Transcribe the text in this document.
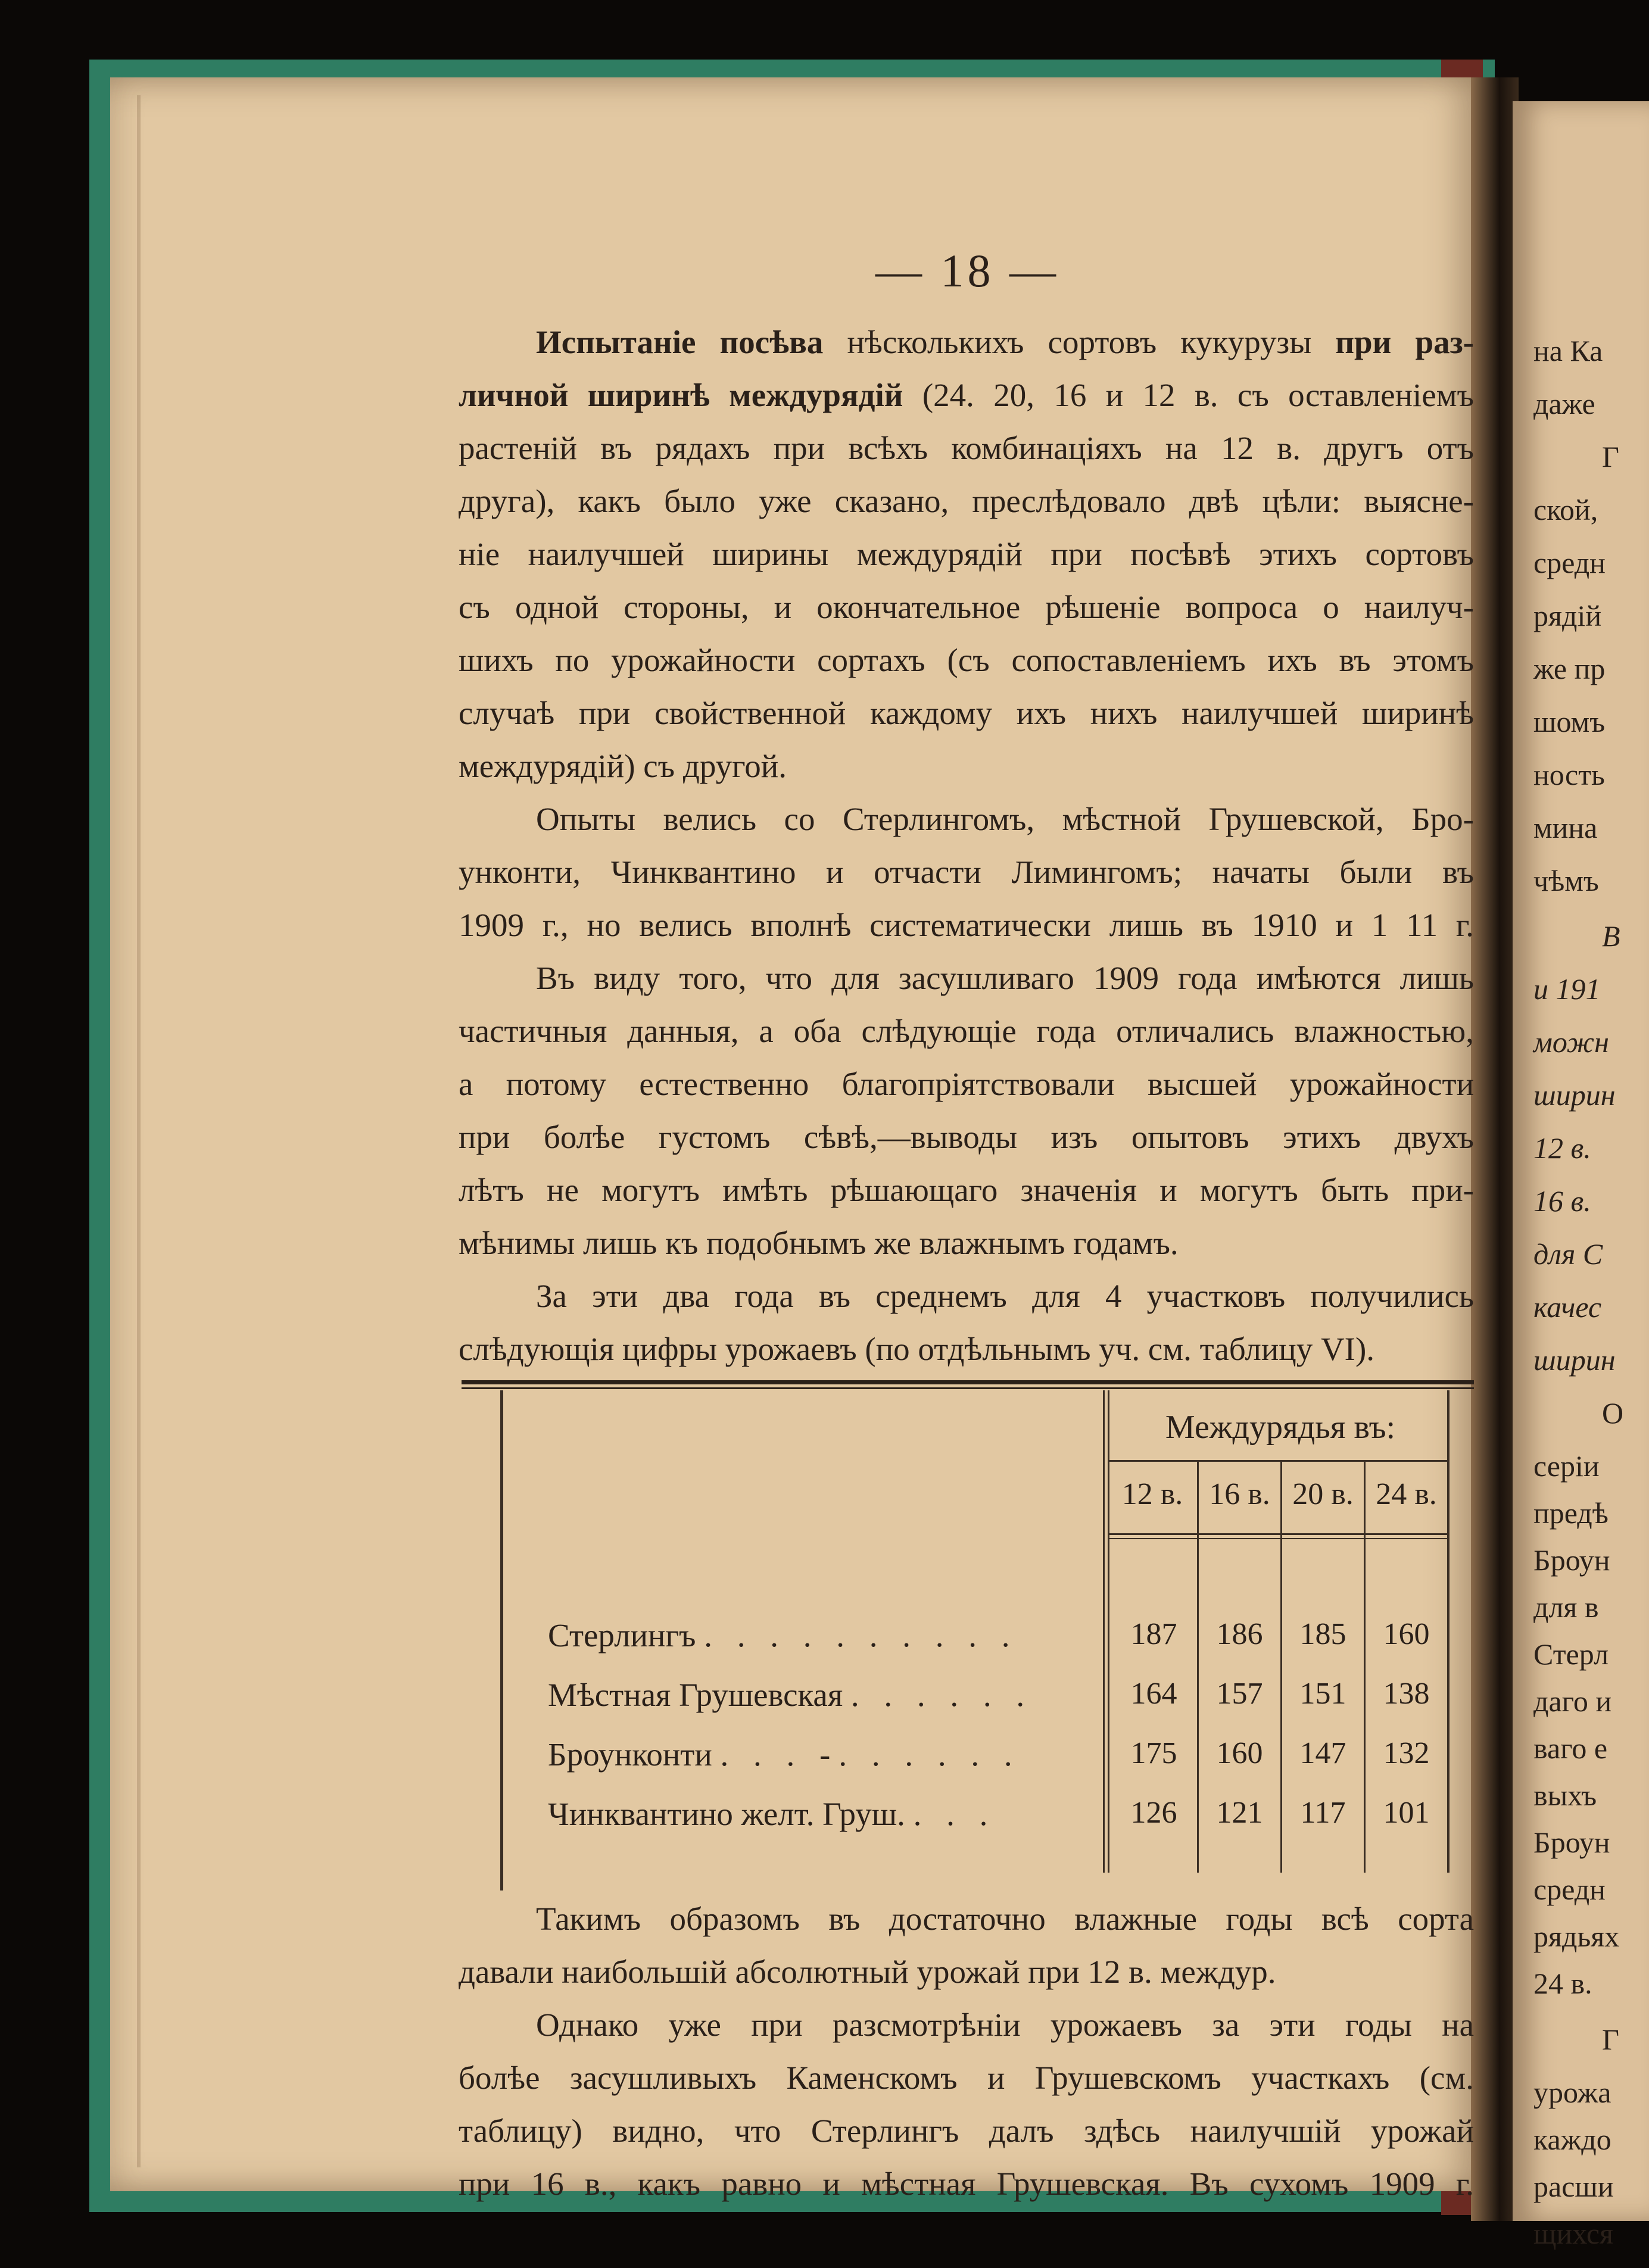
на Ка
даже
Г
ской,
средн
рядій
же пр
шомъ
ность
мина
чѣмъ
В
и 191
можн
ширин
12 в.
16 в.
для С
качес
ширин
О
серіи
предѣ
Броун
для в
Стерл
даго и
ваго е
выхъ
Броун
средн
рядьях
24 в.
Г
урожа
каждо
расши
щихся
— 18 —
Испытаніе посѣва нѣсколькихъ сортовъ кукурузы при раз-
личной ширинѣ междурядій (24. 20, 16 и 12 в. съ оставленіемъ
растеній въ рядахъ при всѣхъ комбинаціяхъ на 12 в. другъ отъ
друга), какъ было уже сказано, преслѣдовало двѣ цѣли: выясне-
ніе наилучшей ширины междурядій при посѣвѣ этихъ сортовъ
съ одной стороны, и окончательное рѣшеніе вопроса о наилуч-
шихъ по урожайности сортахъ (съ сопоставленіемъ ихъ въ этомъ
случаѣ при свойственной каждому ихъ нихъ наилучшей ширинѣ
междурядій) съ другой.
Опыты велись со Стерлингомъ, мѣстной Грушевской, Бро-
унконти, Чинквантино и отчасти Лимингомъ; начаты были въ
1909 г., но велись вполнѣ систематически лишь въ 1910 и 1 11 г.
Въ виду того, что для засушливаго 1909 года имѣются лишь
частичныя данныя, а оба слѣдующіе года отличались влажностью,
а потому естественно благопріятствовали высшей урожайности
при болѣе густомъ сѣвѣ,—выводы изъ опытовъ этихъ двухъ
лѣтъ не могутъ имѣть рѣшающаго значенія и могутъ быть при-
мѣнимы лишь къ подобнымъ же влажнымъ годамъ.
За эти два года въ среднемъ для 4 участковъ получились
слѣдующія цифры урожаевъ (по отдѣльнымъ уч. см. таблицу VI).
Междурядья въ:
12 в. 16 в. 20 в. 24 в.
Стерлингъ . . . . . . . . . .	187	186	185	160
Мѣстная Грушевская . . . . . .	164	157	151	138
Броунконти . . . -. . . . . .	175	160	147	132
Чинквантино желт. Груш. . . .	126	121	117	101
Такимъ образомъ въ достаточно влажные годы всѣ сорта
давали наибольшій абсолютный урожай при 12 в. междур.
Однако уже при разсмотрѣніи урожаевъ за эти годы на
болѣе засушливыхъ Каменскомъ и Грушевскомъ участкахъ (см.
таблицу) видно, что Стерлингъ далъ здѣсь наилучшій урожай
при 16 в., какъ равно и мѣстная Грушевская. Въ сухомъ 1909 г.
